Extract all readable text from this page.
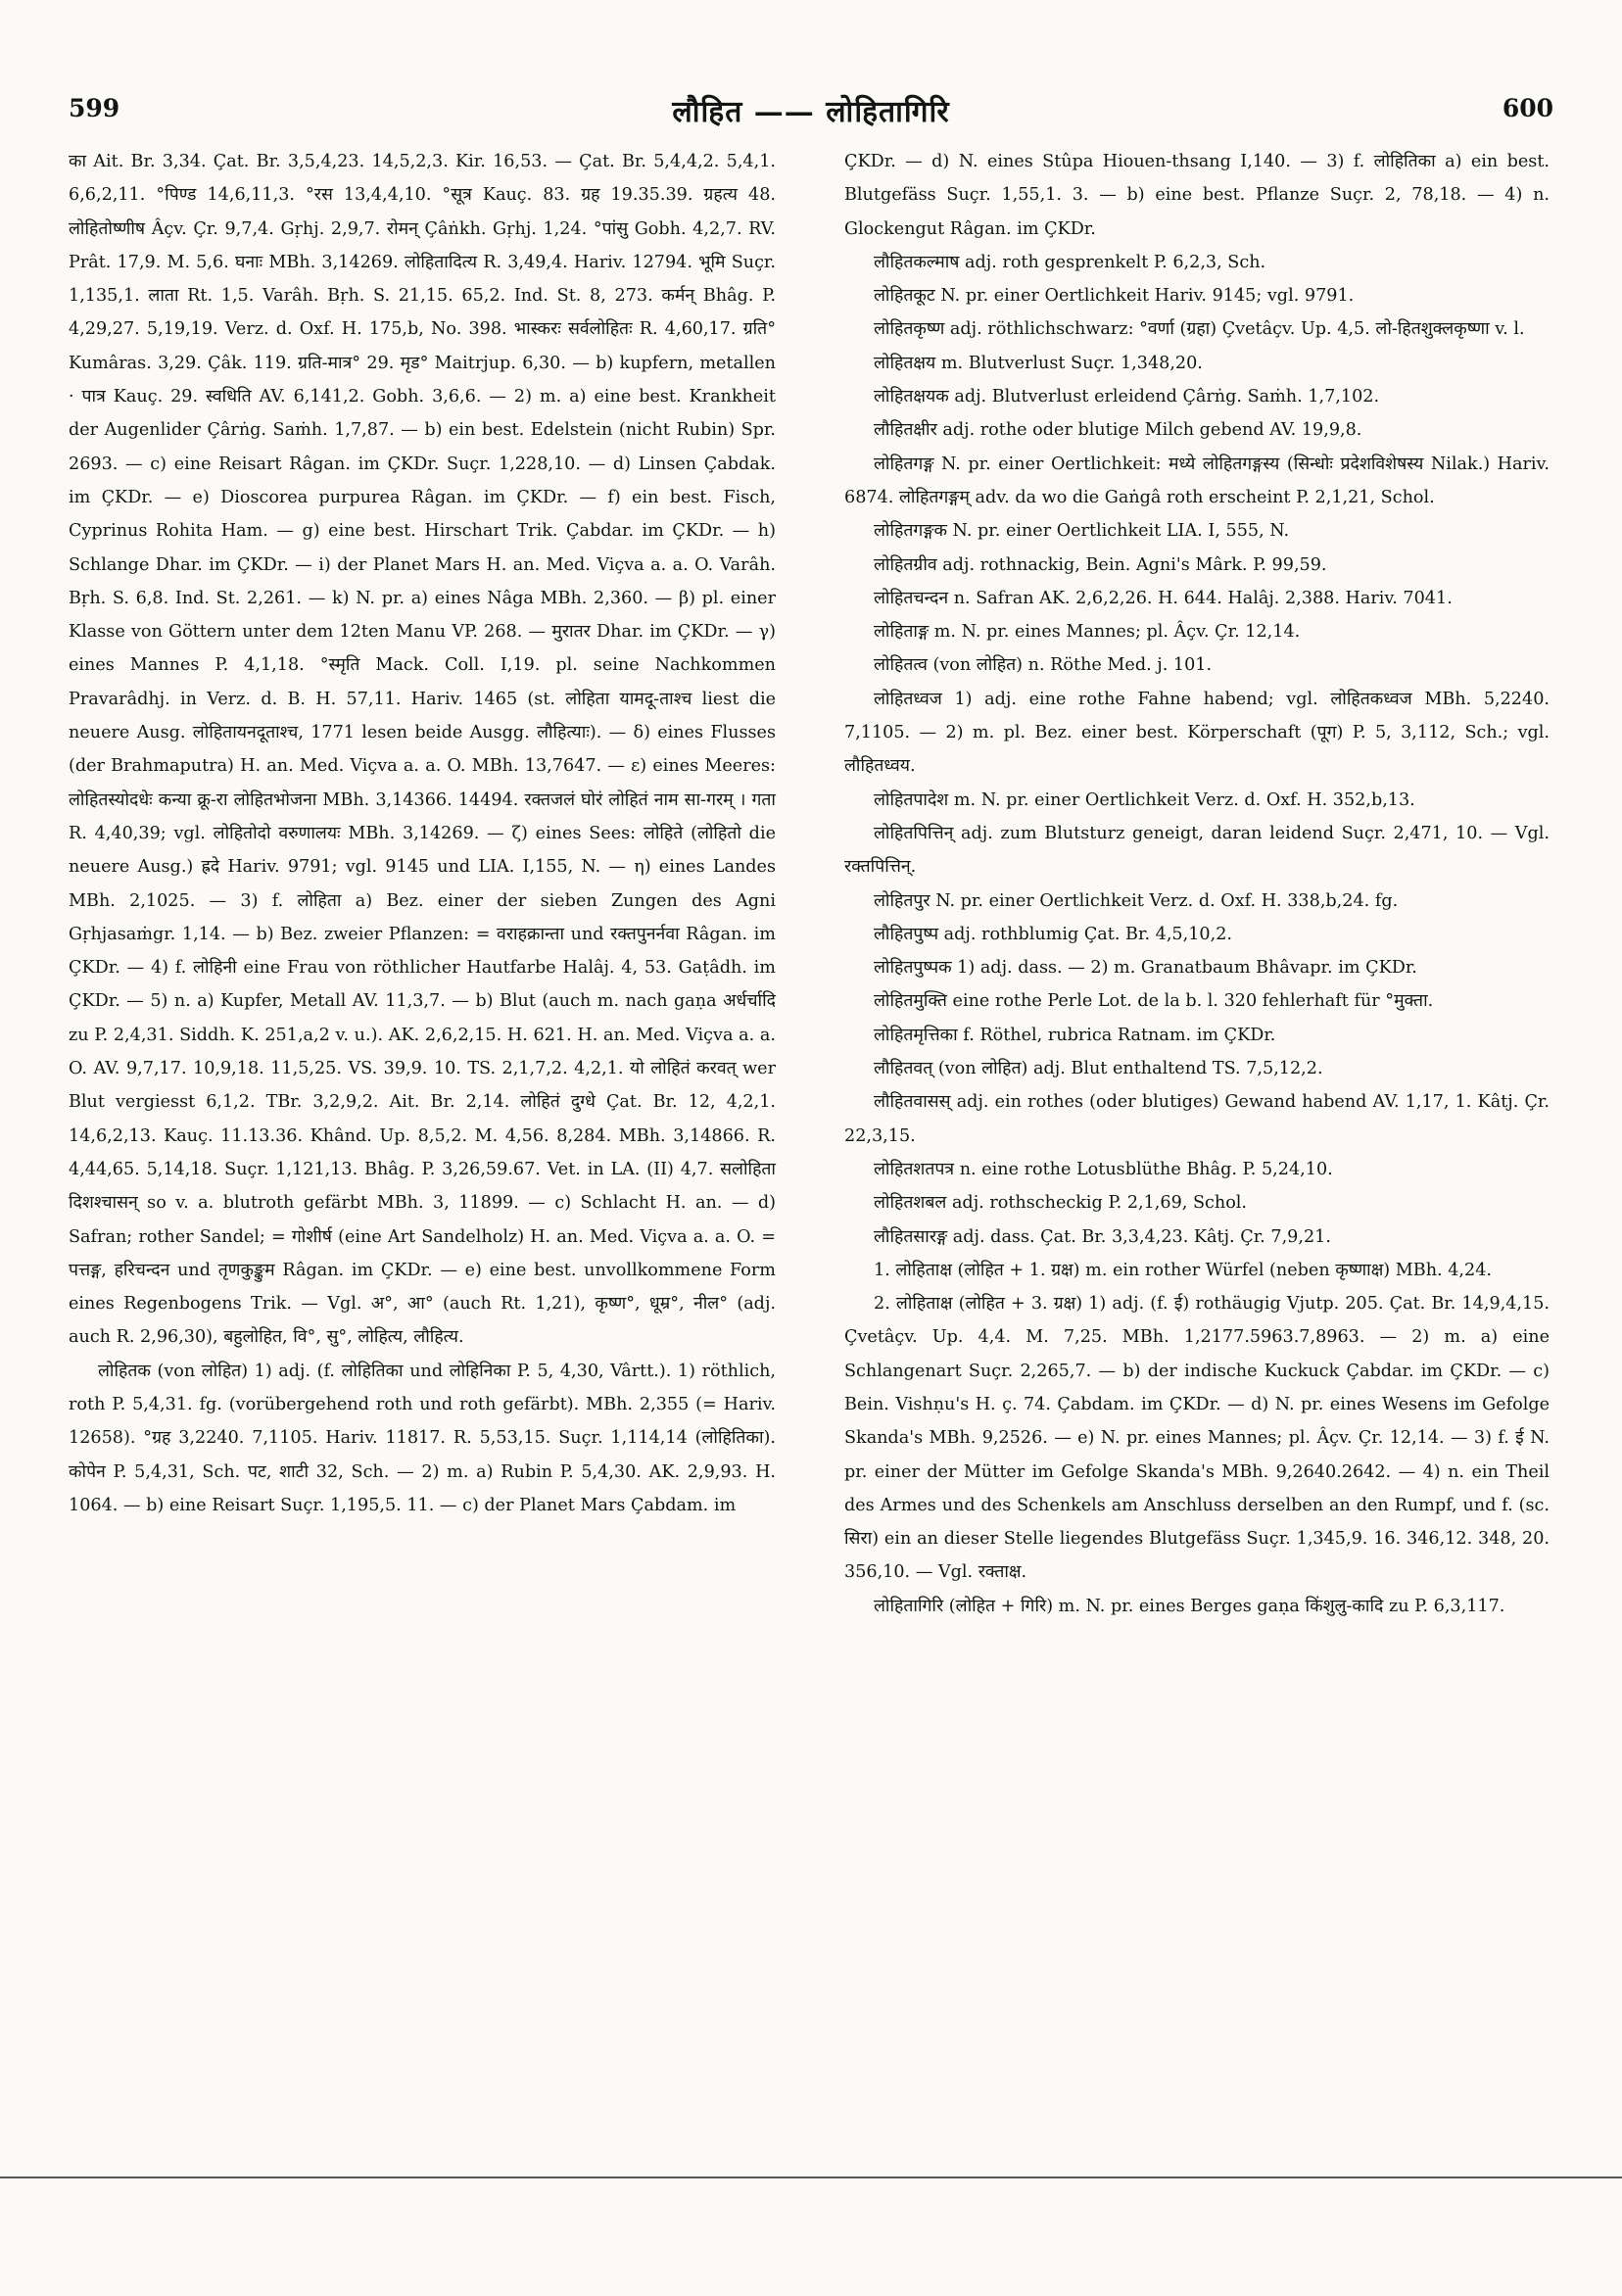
599	लौहित —— लोहितागिरि	600

का Ait. Br. 3,34. Çat. Br. 3,5,4,23. 14,5,2,3. Kir. 16,53. — Çat. Br. 5,4,4,2. 5,4,1. 6,6,2,11. °पिण्ड 14,6,11,3. °रस 13,4,4,10. °सूत्र Kauç. 83. ग्रह 19.35.39. ग्रहत्य 48. लोहितोष्णीष Âçv. Çr. 9,7,4. Gṛhj. 2,9,7. रोमन् Çâṅkh. Gṛhj. 1,24. °पांसु Gobh. 4,2,7. RV. Prât. 17,9. M. 5,6. घनाः MBh. 3,14269. लोहितादित्य R. 3,49,4. Hariv. 12794. भूमि Suçr. 1,135,1. लाता Rt. 1,5. Varâh. Bṛh. S. 21,15. 65,2. Ind. St. 8, 273. कर्मन् Bhâg. P. 4,29,27. 5,19,19. Verz. d. Oxf. H. 175,b, No. 398. भास्करः सर्वलोहितः R. 4,60,17. ग्रति° Kumâras. 3,29. Çâk. 119. ग्रति-मात्र° 29. मृड° Maitrjup. 6,30. — b) kupfern, metallen · पात्र Kauç. 29. स्वधिति AV. 6,141,2. Gobh. 3,6,6. — 2) m. a) eine best. Krankheit der Augenlider Çârṅg. Saṁh. 1,7,87. — b) ein best. Edelstein (nicht Rubin) Spr. 2693. — c) eine Reisart Râgan. im ÇKDr. Suçr. 1,228,10. — d) Linsen Çabdak. im ÇKDr. — e) Dioscorea purpurea Râgan. im ÇKDr. — f) ein best. Fisch, Cyprinus Rohita Ham. — g) eine best. Hirschart Trik. Çabdar. im ÇKDr. — h) Schlange Dhar. im ÇKDr. — i) der Planet Mars H. an. Med. Viçva a. a. O. Varâh. Bṛh. S. 6,8. Ind. St. 2,261. — k) N. pr. a) eines Nâga MBh. 2,360. — β) pl. einer Klasse von Göttern unter dem 12ten Manu VP. 268. — मुरातर Dhar. im ÇKDr. — γ) eines Mannes P. 4,1,18. °स्मृति Mack. Coll. I,19. pl. seine Nachkommen Pravarâdhj. in Verz. d. B. H. 57,11. Hariv. 1465 (st. लोहिता यामदू-ताश्च liest die neuere Ausg. लोहितायनदूताश्च, 1771 lesen beide Ausgg. लौहित्याः). — δ) eines Flusses (der Brahmaputra) H. an. Med. Viçva a. a. O. MBh. 13,7647. — ε) eines Meeres: लोहितस्योदधेः कन्या क्रू-रा लोहितभोजना MBh. 3,14366. 14494. रक्तजलं घोरं लोहितं नाम सा-गरम् । गता R. 4,40,39; vgl. लोहितोदो वरुणालयः MBh. 3,14269. — ζ) eines Sees: लोहिते (लोहितो die neuere Ausg.) ह्रदे Hariv. 9791; vgl. 9145 und LIA. I,155, N. — η) eines Landes MBh. 2,1025. — 3) f. लोहिता a) Bez. einer der sieben Zungen des Agni Gṛhjasaṁgr. 1,14. — b) Bez. zweier Pflanzen: = वराहक्रान्ता und रक्तपुनर्नवा Râgan. im ÇKDr. — 4) f. लोहिनी eine Frau von röthlicher Hautfarbe Halâj. 4, 53. Gaṭâdh. im ÇKDr. — 5) n. a) Kupfer, Metall AV. 11,3,7. — b) Blut (auch m. nach gaṇa अर्धर्चादि zu P. 2,4,31. Siddh. K. 251,a,2 v. u.). AK. 2,6,2,15. H. 621. H. an. Med. Viçva a. a. O. AV. 9,7,17. 10,9,18. 11,5,25. VS. 39,9. 10. TS. 2,1,7,2. 4,2,1. यो लोहितं करवत् wer Blut vergiesst 6,1,2. TBr. 3,2,9,2. Ait. Br. 2,14. लोहितं दुग्धे Çat. Br. 12, 4,2,1. 14,6,2,13. Kauç. 11.13.36. Khând. Up. 8,5,2. M. 4,56. 8,284. MBh. 3,14866. R. 4,44,65. 5,14,18. Suçr. 1,121,13. Bhâg. P. 3,26,59.67. Vet. in LA. (II) 4,7. सलोहिता दिशश्चासन् so v. a. blutroth gefärbt MBh. 3, 11899. — c) Schlacht H. an. — d) Safran; rother Sandel; = गोशीर्ष (eine Art Sandelholz) H. an. Med. Viçva a. a. O. = पत्तङ्ग, हरिचन्दन und तृणकुङ्कुम Râgan. im ÇKDr. — e) eine best. unvollkommene Form eines Regenbogens Trik. — Vgl. अ°, आ° (auch Rt. 1,21), कृष्ण°, धूम्र°, नील° (adj. auch R. 2,96,30), बहुलोहित, वि°, सु°, लोहित्य, लौहित्य.

लोहितक (von लोहित) 1) adj. (f. लोहितिका und लोहिनिका P. 5, 4,30, Vârtt.). 1) röthlich, roth P. 5,4,31. fg. (vorübergehend roth und roth gefärbt). MBh. 2,355 (= Hariv. 12658). °ग्रह 3,2240. 7,1105. Hariv. 11817. R. 5,53,15. Suçr. 1,114,14 (लोहितिका). कोपेन P. 5,4,31, Sch. पट, शाटी 32, Sch. — 2) m. a) Rubin P. 5,4,30. AK. 2,9,93. H. 1064. — b) eine Reisart Suçr. 1,195,5. 11. — c) der Planet Mars Çabdam. im

ÇKDr. — d) N. eines Stûpa Hiouen-thsang I,140. — 3) f. लोहितिका a) ein best. Blutgefäss Suçr. 1,55,1. 3. — b) eine best. Pflanze Suçr. 2, 78,18. — 4) n. Glockengut Râgan. im ÇKDr.

लौहितकल्माष adj. roth gesprenkelt P. 6,2,3, Sch.

लोहितकूट N. pr. einer Oertlichkeit Hariv. 9145; vgl. 9791.

लोहितकृष्ण adj. röthlichschwarz: °वर्णा (ग्रहा) Çvetâçv. Up. 4,5. लो-हितशुक्लकृष्णा v. l.

लोहितक्षय m. Blutverlust Suçr. 1,348,20.

लोहितक्षयक adj. Blutverlust erleidend Çârṅg. Saṁh. 1,7,102.

लौहितक्षीर adj. rothe oder blutige Milch gebend AV. 19,9,8.

लोहितगङ्ग N. pr. einer Oertlichkeit: मध्ये लोहितगङ्गस्य (सिन्धोः प्रदेशविशेषस्य Nilak.) Hariv. 6874. लोहितगङ्गम् adv. da wo die Gaṅgâ roth erscheint P. 2,1,21, Schol.

लोहितगङ्गक N. pr. einer Oertlichkeit LIA. I, 555, N.

लोहितग्रीव adj. rothnackig, Bein. Agni's Mârk. P. 99,59.

लोहितचन्दन n. Safran AK. 2,6,2,26. H. 644. Halâj. 2,388. Hariv. 7041.

लोहिताङ्ग m. N. pr. eines Mannes; pl. Âçv. Çr. 12,14.

लोहितत्व (von लोहित) n. Röthe Med. j. 101.

लोहितध्वज 1) adj. eine rothe Fahne habend; vgl. लोहितकध्वज MBh. 5,2240. 7,1105. — 2) m. pl. Bez. einer best. Körperschaft (पूग) P. 5, 3,112, Sch.; vgl. लौहितध्वय.

लोहितपादेश m. N. pr. einer Oertlichkeit Verz. d. Oxf. H. 352,b,13.

लोहितपित्तिन् adj. zum Blutsturz geneigt, daran leidend Suçr. 2,471, 10. — Vgl. रक्तपित्तिन्.

लोहितपुर N. pr. einer Oertlichkeit Verz. d. Oxf. H. 338,b,24. fg.

लौहितपुष्प adj. rothblumig Çat. Br. 4,5,10,2.

लोहितपुष्पक 1) adj. dass. — 2) m. Granatbaum Bhâvapr. im ÇKDr.

लोहितमुक्ति eine rothe Perle Lot. de la b. l. 320 fehlerhaft für °मुक्ता.

लोहितमृत्तिका f. Röthel, rubrica Ratnam. im ÇKDr.

लौहितवत् (von लोहित) adj. Blut enthaltend TS. 7,5,12,2.

लौहितवासस् adj. ein rothes (oder blutiges) Gewand habend AV. 1,17, 1. Kâtj. Çr. 22,3,15.

लोहितशतपत्र n. eine rothe Lotusblüthe Bhâg. P. 5,24,10.

लोहितशबल adj. rothscheckig P. 2,1,69, Schol.

लौहितसारङ्ग adj. dass. Çat. Br. 3,3,4,23. Kâtj. Çr. 7,9,21.

1. लोहिताक्ष (लोहित + 1. ग्रक्ष) m. ein rother Würfel (neben कृष्णाक्ष) MBh. 4,24.

2. लोहिताक्ष (लोहित + 3. ग्रक्ष) 1) adj. (f. ई) rothäugig Vjutp. 205. Çat. Br. 14,9,4,15. Çvetâçv. Up. 4,4. M. 7,25. MBh. 1,2177.5963.7,8963. — 2) m. a) eine Schlangenart Suçr. 2,265,7. — b) der indische Kuckuck Çabdar. im ÇKDr. — c) Bein. Vishṇu's H. ç. 74. Çabdam. im ÇKDr. — d) N. pr. eines Wesens im Gefolge Skanda's MBh. 9,2526. — e) N. pr. eines Mannes; pl. Âçv. Çr. 12,14. — 3) f. ई N. pr. einer der Mütter im Gefolge Skanda's MBh. 9,2640.2642. — 4) n. ein Theil des Armes und des Schenkels am Anschluss derselben an den Rumpf, und f. (sc. सिरा) ein an dieser Stelle liegendes Blutgefäss Suçr. 1,345,9. 16. 346,12. 348, 20. 356,10. — Vgl. रक्ताक्ष.

लोहितागिरि (लोहित + गिरि) m. N. pr. eines Berges gaṇa किंशुलु-कादि zu P. 6,3,117.
